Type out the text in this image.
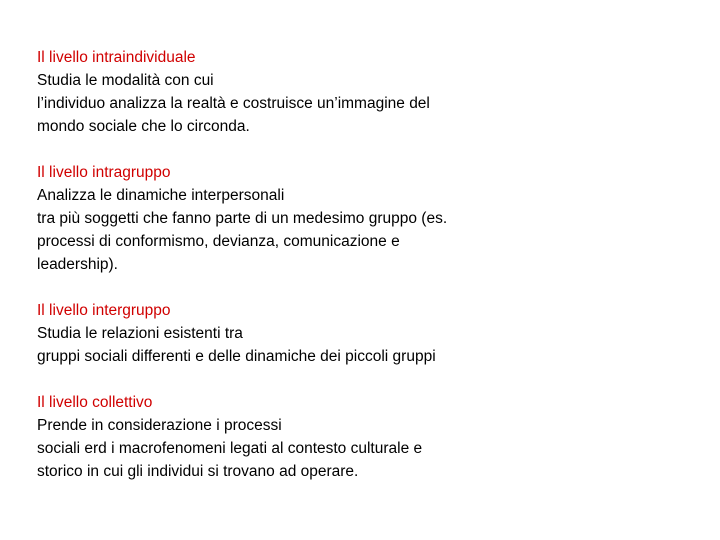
Il livello intraindividuale
Studia le modalità con cui
l’individuo analizza la realtà e costruisce un’immagine del
mondo sociale che lo circonda.
Il livello intragruppo
Analizza le dinamiche interpersonali
tra più soggetti che fanno parte di un medesimo gruppo (es.
processi di conformismo, devianza, comunicazione e
leadership).
Il livello intergruppo
Studia le relazioni esistenti tra
gruppi sociali differenti e delle dinamiche dei piccoli gruppi
Il livello collettivo
Prende in considerazione i processi
sociali erd i macrofenomeni legati al contesto culturale e
storico in cui gli individui si trovano ad operare.
